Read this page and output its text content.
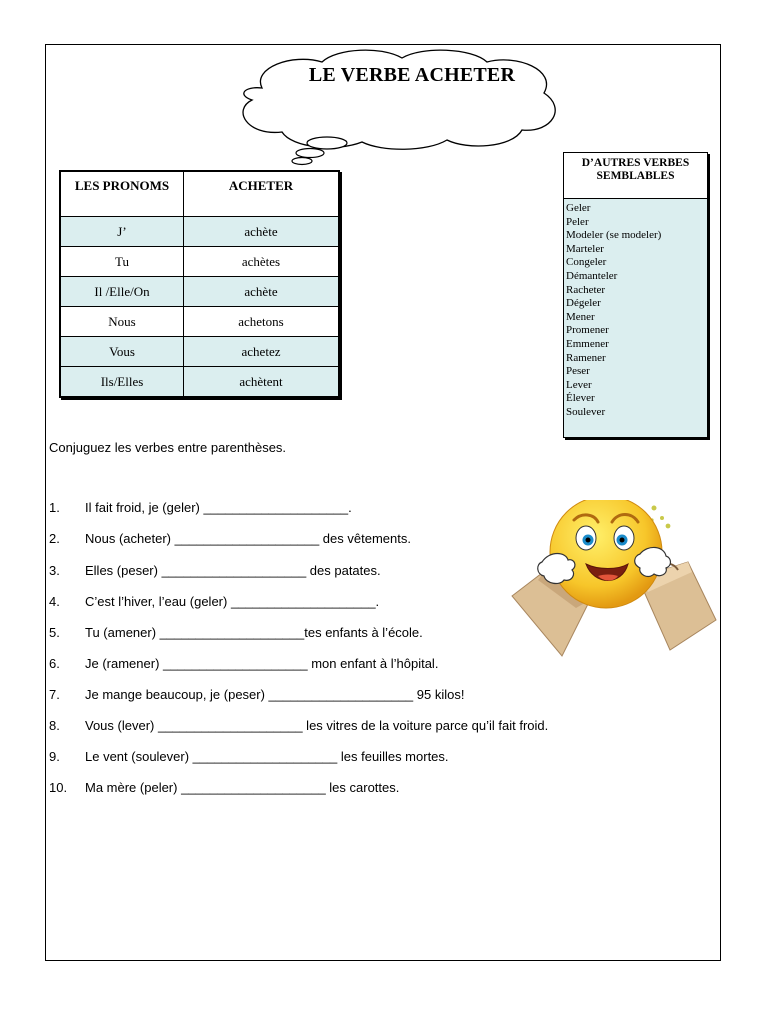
LE VERBE ACHETER
LES PRONOMS	ACHETER
J’	achète
Tu	achètes
Il /Elle/On	achète
Nous	achetons
Vous	achetez
Ils/Elles	achètent
D’AUTRES VERBES SEMBLABLES
Geler
Peler
Modeler (se modeler)
Marteler
Congeler
Démanteler
Racheter
Dégeler
Mener
Promener
Emmener
Ramener
Peser
Lever
Élever
Soulever
Conjuguez les verbes entre parenthèses.
1.	Il fait froid, je (geler) ____________________.
2.	Nous (acheter) ____________________ des vêtements.
3.	Elles (peser) ____________________ des patates.
4.	C’est l’hiver, l’eau (geler) ____________________.
5.	Tu (amener) ____________________tes enfants à l’école.
6.	Je (ramener) ____________________ mon enfant à l’hôpital.
7.	Je mange beaucoup, je (peser) ____________________ 95 kilos!
8.	Vous (lever) ____________________ les vitres de la voiture parce qu’il fait froid.
9.	Le vent (soulever) ____________________ les feuilles mortes.
10.	Ma mère (peler) ____________________ les carottes.
